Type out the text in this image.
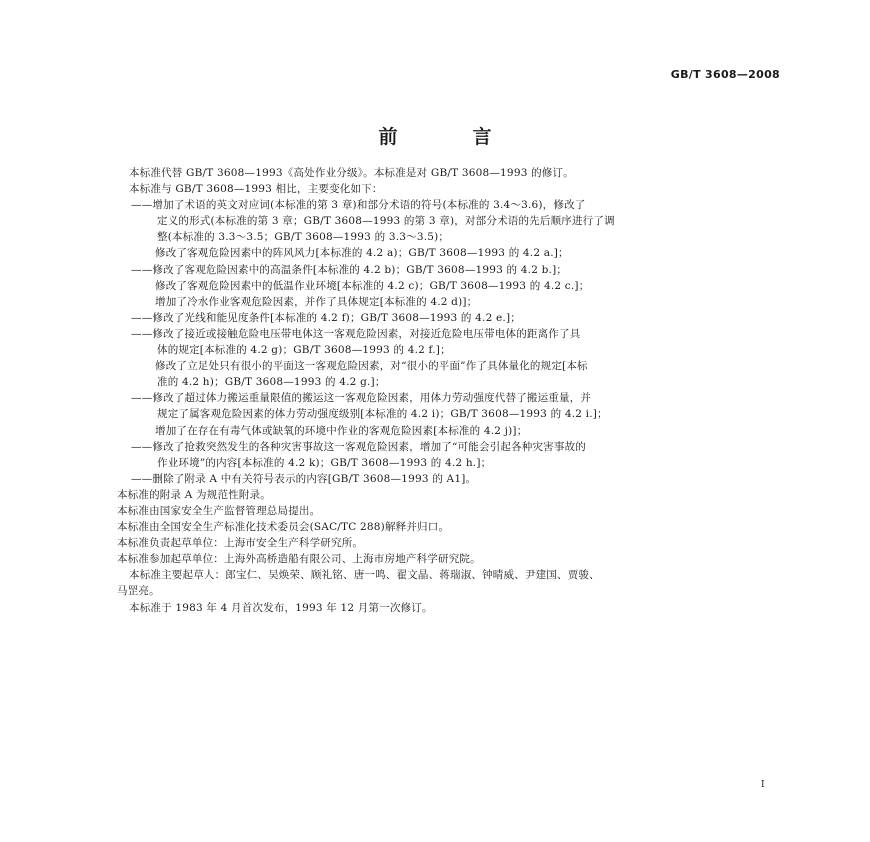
GB/T 3608—2008
前　言
本标准代替 GB/T 3608—1993《高处作业分级》。本标准是对 GB/T 3608—1993 的修订。
本标准与 GB/T 3608—1993 相比，主要变化如下：
——增加了术语的英文对应词(本标准的第 3 章)和部分术语的符号(本标准的 3.4～3.6)，修改了
定义的形式(本标准的第 3 章；GB/T 3608—1993 的第 3 章)，对部分术语的先后顺序进行了调
整(本标准的 3.3～3.5；GB/T 3608—1993 的 3.3～3.5)；
修改了客观危险因素中的阵风风力[本标准的 4.2 a)；GB/T 3608—1993 的 4.2 a.]；
——修改了客观危险因素中的高温条件[本标准的 4.2 b)；GB/T 3608—1993 的 4.2 b.]；
修改了客观危险因素中的低温作业环境[本标准的 4.2 c)；GB/T 3608—1993 的 4.2 c.]；
增加了冷水作业客观危险因素，并作了具体规定[本标准的 4.2 d)]；
——修改了光线和能见度条件[本标准的 4.2 f)；GB/T 3608—1993 的 4.2 e.]；
——修改了接近或接触危险电压带电体这一客观危险因素，对接近危险电压带电体的距离作了具
体的规定[本标准的 4.2 g)；GB/T 3608—1993 的 4.2 f.]；
修改了立足处只有很小的平面这一客观危险因素，对“很小的平面”作了具体量化的规定[本标
准的 4.2 h)；GB/T 3608—1993 的 4.2 g.]；
——修改了超过体力搬运重量限值的搬运这一客观危险因素，用体力劳动强度代替了搬运重量，并
规定了属客观危险因素的体力劳动强度级别[本标准的 4.2 i)；GB/T 3608—1993 的 4.2 i.]；
增加了在存在有毒气体或缺氧的环境中作业的客观危险因素[本标准的 4.2 j)]；
——修改了抢救突然发生的各种灾害事故这一客观危险因素，增加了“可能会引起各种灾害事故的
作业环境”的内容[本标准的 4.2 k)；GB/T 3608—1993 的 4.2 h.]；
——删除了附录 A 中有关符号表示的内容[GB/T 3608—1993 的 A1]。
本标准的附录 A 为规范性附录。
本标准由国家安全生产监督管理总局提出。
本标准由全国安全生产标准化技术委员会(SAC/TC 288)解释并归口。
本标准负责起草单位：上海市安全生产科学研究所。
本标准参加起草单位：上海外高桥造船有限公司、上海市房地产科学研究院。
本标准主要起草人：郎宝仁、吴焕荣、顾礼铭、唐一鸣、翟文晶、蒋瑞淑、钟晴威、尹建国、贾骏、
马罡亮。
本标准于 1983 年 4 月首次发布，1993 年 12 月第一次修订。
I
